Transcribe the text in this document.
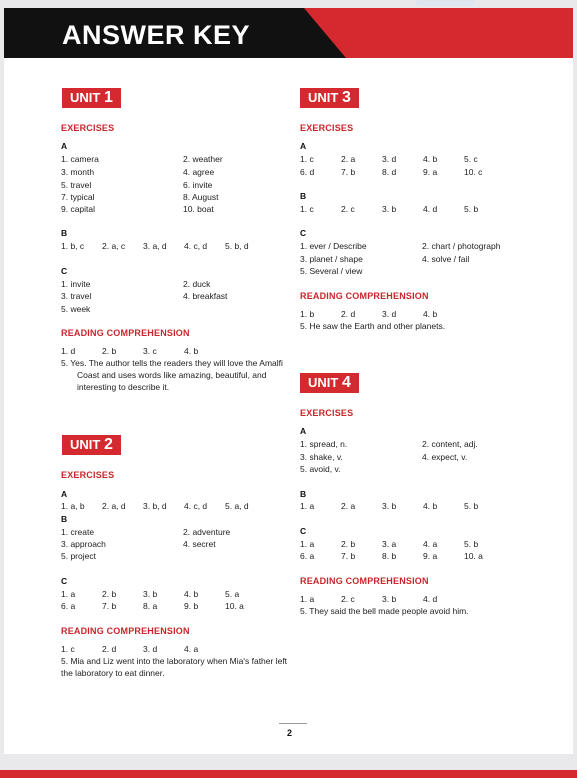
ANSWER KEY
UNIT 1
EXERCISES
A
1. camera	2. weather
3. month	4. agree
5. travel	6. invite
7. typical	8. August
9. capital	10. boat
B
1. b, c 2. a, c 3. a, d 4. c, d 5. b, d
C
1. invite	2. duck
3. travel	4. breakfast
5. week
READING COMPREHENSION
1. d	2. b	3. c	4. b
5. Yes. The author tells the readers they will love the Amalfi Coast and uses words like amazing, beautiful, and interesting to describe it.
UNIT 2
EXERCISES
A
1. a, b 2. a, d 3. b, d 4. c, d 5. a, d
B
1. create	2. adventure
3. approach	4. secret
5. project
C
1. a	2. b	3. b	4. b	5. a
6. a	7. b	8. a	9. b	10. a
READING COMPREHENSION
1. c	2. d	3. d	4. a
5. Mia and Liz went into the laboratory when Mia's father left the laboratory to eat dinner.
UNIT 3
EXERCISES
A
1. c	2. a	3. d	4. b	5. c
6. d	7. b	8. d	9. a	10. c
B
1. c	2. c	3. b	4. d	5. b
C
1. ever / Describe	2. chart / photograph
3. planet / shape	4. solve / fail
5. Several / view
READING COMPREHENSION
1. b	2. d	3. d	4. b
5. He saw the Earth and other planets.
UNIT 4
EXERCISES
A
1. spread, n.	2. content, adj.
3. shake, v.	4. expect, v.
5. avoid, v.
B
1. a	2. a	3. b	4. b	5. b
C
1. a	2. b	3. a	4. a	5. b
6. a	7. b	8. b	9. a	10. a
READING COMPREHENSION
1. a	2. c	3. b	4. d
5. They said the bell made people avoid him.
2
